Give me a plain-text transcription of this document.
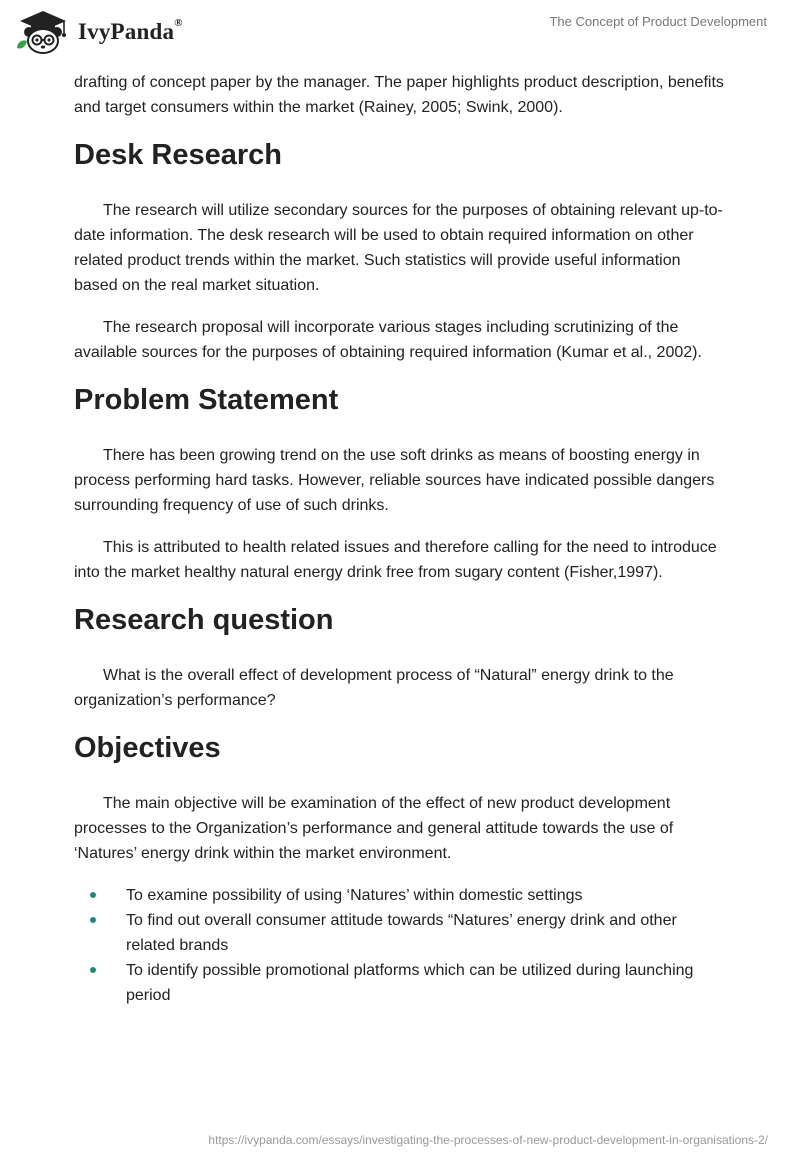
IvyPanda®	The Concept of Product Development

drafting of concept paper by the manager. The paper highlights product description, benefits and target consumers within the market (Rainey, 2005; Swink, 2000).

Desk Research

The research will utilize secondary sources for the purposes of obtaining relevant up-to-date information. The desk research will be used to obtain required information on other related product trends within the market. Such statistics will provide useful information based on the real market situation.

The research proposal will incorporate various stages including scrutinizing of the available sources for the purposes of obtaining required information (Kumar et al., 2002).

Problem Statement

There has been growing trend on the use soft drinks as means of boosting energy in process performing hard tasks. However, reliable sources have indicated possible dangers surrounding frequency of use of such drinks.

This is attributed to health related issues and therefore calling for the need to introduce into the market healthy natural energy drink free from sugary content (Fisher,1997).

Research question

What is the overall effect of development process of “Natural” energy drink to the organization’s performance?

Objectives

The main objective will be examination of the effect of new product development processes to the Organization’s performance and general attitude towards the use of ‘Natures’ energy drink within the market environment.

To examine possibility of using ‘Natures’ within domestic settings
To find out overall consumer attitude towards “Natures’ energy drink and other related brands
To identify possible promotional platforms which can be utilized during launching period
https://ivypanda.com/essays/investigating-the-processes-of-new-product-development-in-organisations-2/
